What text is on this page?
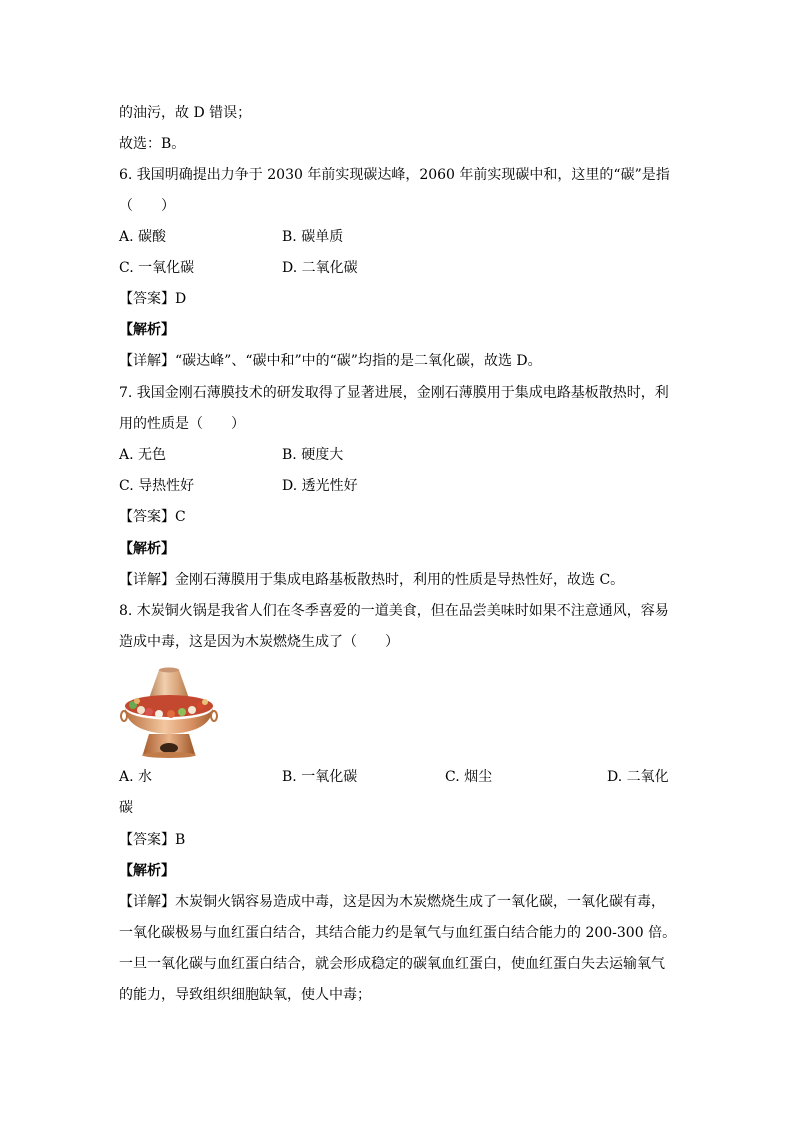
的油污，故 D 错误；
故选：B。
6. 我国明确提出力争于 2030 年前实现碳达峰，2060 年前实现碳中和，这里的“碳”是指
（　　）
A. 碳酸	B. 碳单质
C. 一氧化碳	D. 二氧化碳
【答案】D
【解析】
【详解】“碳达峰”、“碳中和”中的“碳”均指的是二氧化碳，故选 D。
7. 我国金刚石薄膜技术的研发取得了显著进展，金刚石薄膜用于集成电路基板散热时，利
用的性质是（　　）
A. 无色	B. 硬度大
C. 导热性好	D. 透光性好
【答案】C
【解析】
【详解】金刚石薄膜用于集成电路基板散热时，利用的性质是导热性好，故选 C。
8. 木炭铜火锅是我省人们在冬季喜爱的一道美食，但在品尝美味时如果不注意通风，容易
造成中毒，这是因为木炭燃烧生成了（　　）
A. 水	B. 一氧化碳	C. 烟尘	D. 二氧化
碳
【答案】B
【解析】
【详解】木炭铜火锅容易造成中毒，这是因为木炭燃烧生成了一氧化碳，一氧化碳有毒，
一氧化碳极易与血红蛋白结合，其结合能力约是氧气与血红蛋白结合能力的 200-300 倍。
一旦一氧化碳与血红蛋白结合，就会形成稳定的碳氧血红蛋白，使血红蛋白失去运输氧气
的能力，导致组织细胞缺氧，使人中毒；
